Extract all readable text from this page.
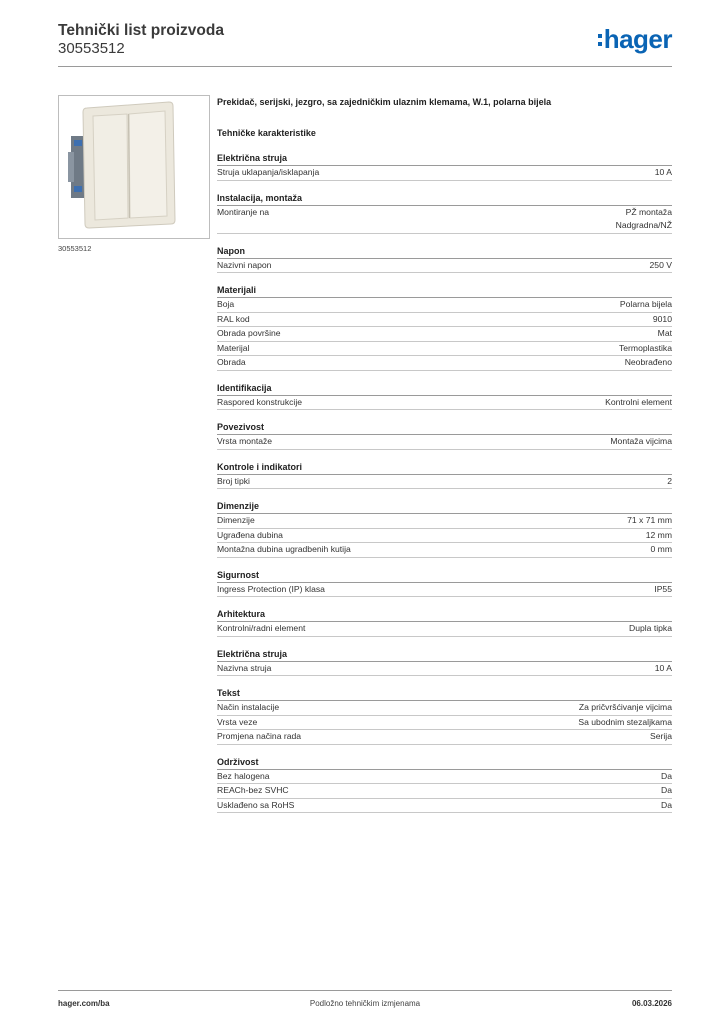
Tehnički list proizvoda
30553512	hager
30553512
Prekidač, serijski, jezgro, sa zajedničkim ulaznim klemama, W.1, polarna bijela
Tehničke karakteristike
Električna struja
Struja uklapanja/isklapanja	10 A
Instalacija, montaža
Montiranje na	PŽ montaža
Nadgradna/NŽ
Napon
Nazivni napon	250 V
Materijali
Boja	Polarna bijela
RAL kod	9010
Obrada površine	Mat
Materijal	Termoplastika
Obrada	Neobrađeno
Identifikacija
Raspored konstrukcije	Kontrolni element
Povezivost
Vrsta montaže	Montaža vijcima
Kontrole i indikatori
Broj tipki	2
Dimenzije
Dimenzije	71 x 71 mm
Ugrađena dubina	12 mm
Montažna dubina ugradbenih kutija	0 mm
Sigurnost
Ingress Protection (IP) klasa	IP55
Arhitektura
Kontrolni/radni element	Dupla tipka
Električna struja
Nazivna struja	10 A
Tekst
Način instalacije	Za pričvršćivanje vijcima
Vrsta veze	Sa ubodnim stezaljkama
Promjena načina rada	Serija
Održivost
Bez halogena	Da
REACh-bez SVHC	Da
Usklađeno sa RoHS	Da
hager.com/ba	Podložno tehničkim izmjenama	06.03.2026
